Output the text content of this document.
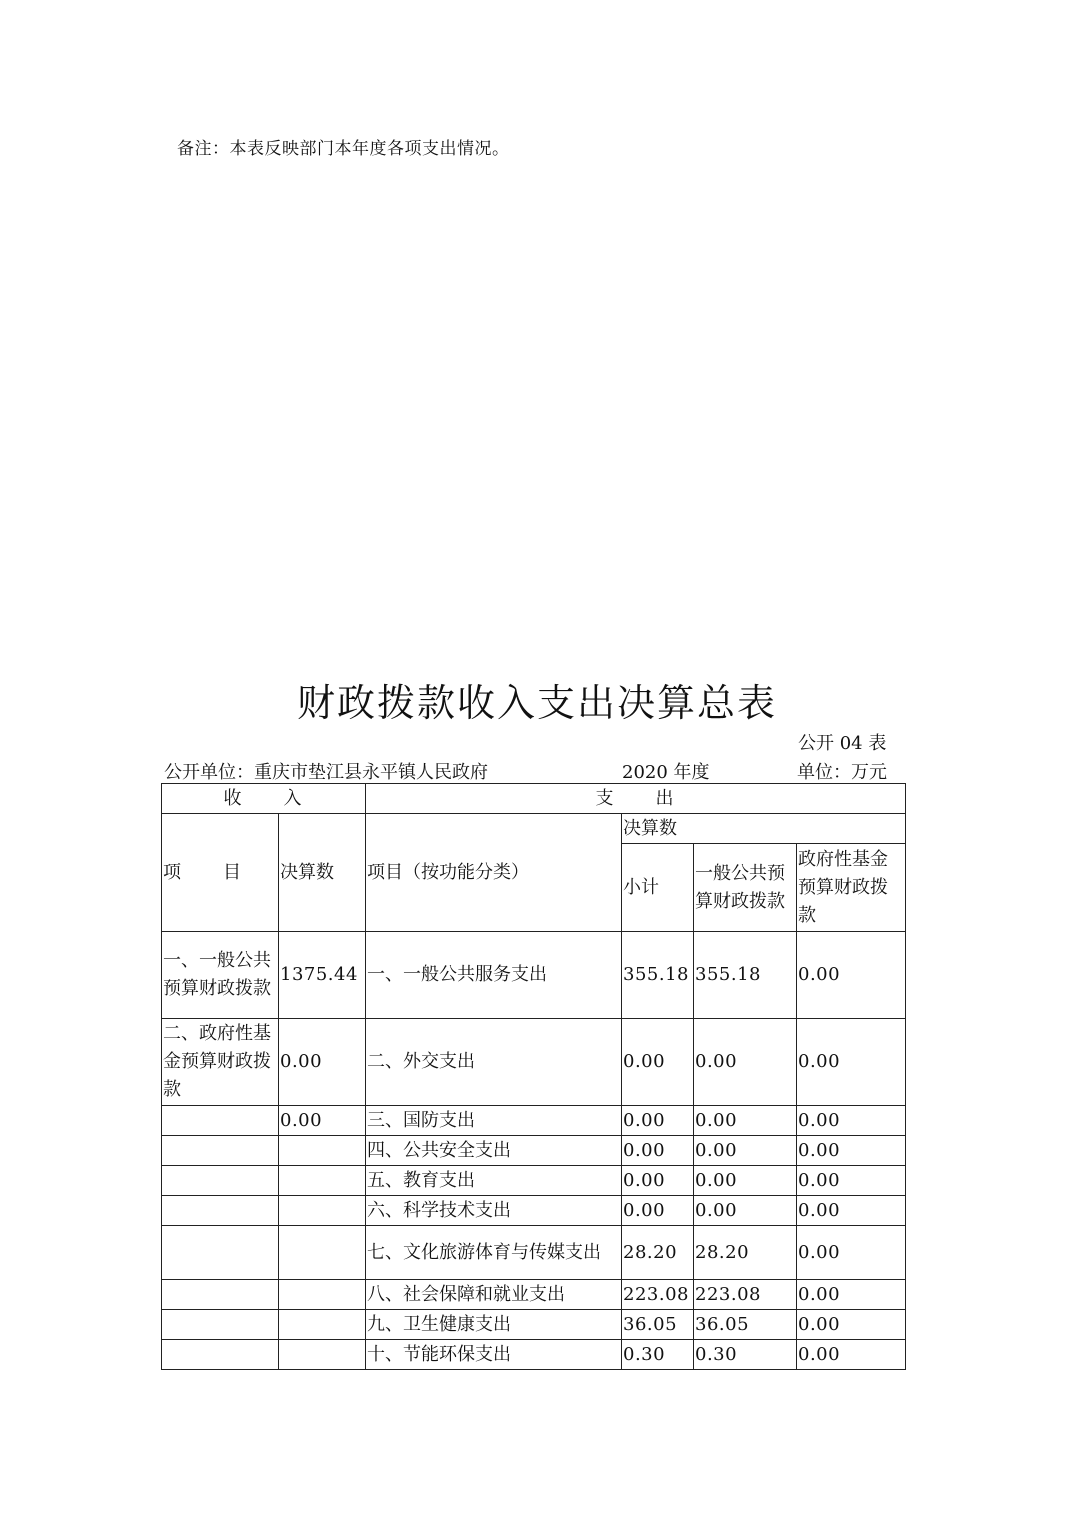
备注：本表反映部门本年度各项支出情况。
财政拨款收入支出决算总表
公开 04 表
公开单位：重庆市垫江县永平镇人民政府	2020 年度	单位：万元
收　　入		支　　出			
项　　目	决算数	项目（按功能分类）	决算数		
			小计	一般公共预算财政拨款	政府性基金预算财政拨款
一、一般公共预算财政拨款	1375.44	一、一般公共服务支出	355.18	355.18	0.00
二、政府性基金预算财政拨款	0.00	二、外交支出	0.00	0.00	0.00
	0.00	三、国防支出	0.00	0.00	0.00
		四、公共安全支出	0.00	0.00	0.00
		五、教育支出	0.00	0.00	0.00
		六、科学技术支出	0.00	0.00	0.00
		七、文化旅游体育与传媒支出	28.20	28.20	0.00
		八、社会保障和就业支出	223.08	223.08	0.00
		九、卫生健康支出	36.05	36.05	0.00
		十、节能环保支出	0.30	0.30	0.00
